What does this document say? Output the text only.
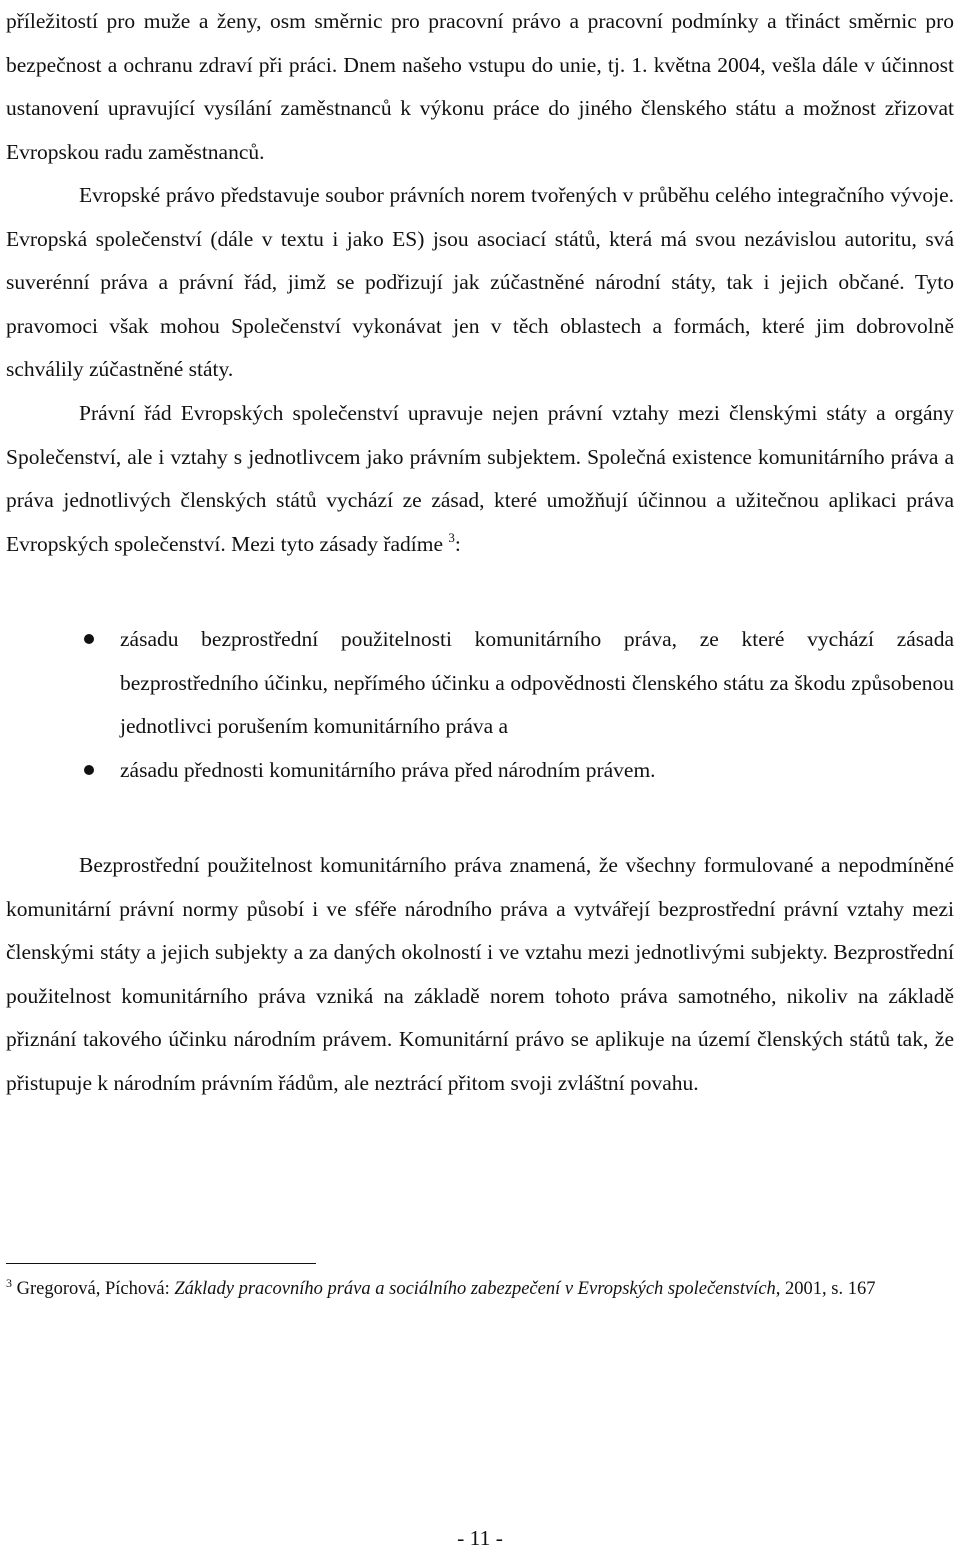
příležitostí pro muže a ženy, osm směrnic pro pracovní právo a pracovní podmínky a třináct směrnic pro bezpečnost a ochranu zdraví při práci. Dnem našeho vstupu do unie, tj. 1. května 2004, vešla dále v účinnost ustanovení upravující vysílání zaměstnanců k výkonu práce do jiného členského státu a možnost zřizovat Evropskou radu zaměstnanců.

Evropské právo představuje soubor právních norem tvořených v průběhu celého integračního vývoje. Evropská společenství (dále v textu i jako ES) jsou asociací států, která má svou nezávislou autoritu, svá suverénní práva a právní řád, jimž se podřizují jak zúčastněné národní státy, tak i jejich občané. Tyto pravomoci však mohou Společenství vykonávat jen v těch oblastech a formách, které jim dobrovolně schválily zúčastněné státy.

Právní řád Evropských společenství upravuje nejen právní vztahy mezi členskými státy a orgány Společenství, ale i vztahy s jednotlivcem jako právním subjektem. Společná existence komunitárního práva a práva jednotlivých členských států vychází ze zásad, které umožňují účinnou a užitečnou aplikaci práva Evropských společenství. Mezi tyto zásady řadíme $^3$:

zásadu bezprostřední použitelnosti komunitárního práva, ze které vychází zásada bezprostředního účinku, nepřímého účinku a odpovědnosti členského státu za škodu způsobenou jednotlivci porušením komunitárního práva a
zásadu přednosti komunitárního práva před národním právem.

Bezprostřední použitelnost komunitárního práva znamená, že všechny formulované a nepodmíněné komunitární právní normy působí i ve sféře národního práva a vytvářejí bezprostřední právní vztahy mezi členskými státy a jejich subjekty a za daných okolností i ve vztahu mezi jednotlivými subjekty. Bezprostřední použitelnost komunitárního práva vzniká na základě norem tohoto práva samotného, nikoliv na základě přiznání takového účinku národním právem. Komunitární právo se aplikuje na území členských států tak, že přistupuje k národním právním řádům, ale neztrácí přitom svoji zvláštní povahu.

$^3$ Gregorová, Píchová: Základy pracovního práva a sociálního zabezpečení v Evropských společenstvích, 2001, s. 167

- 11 -
